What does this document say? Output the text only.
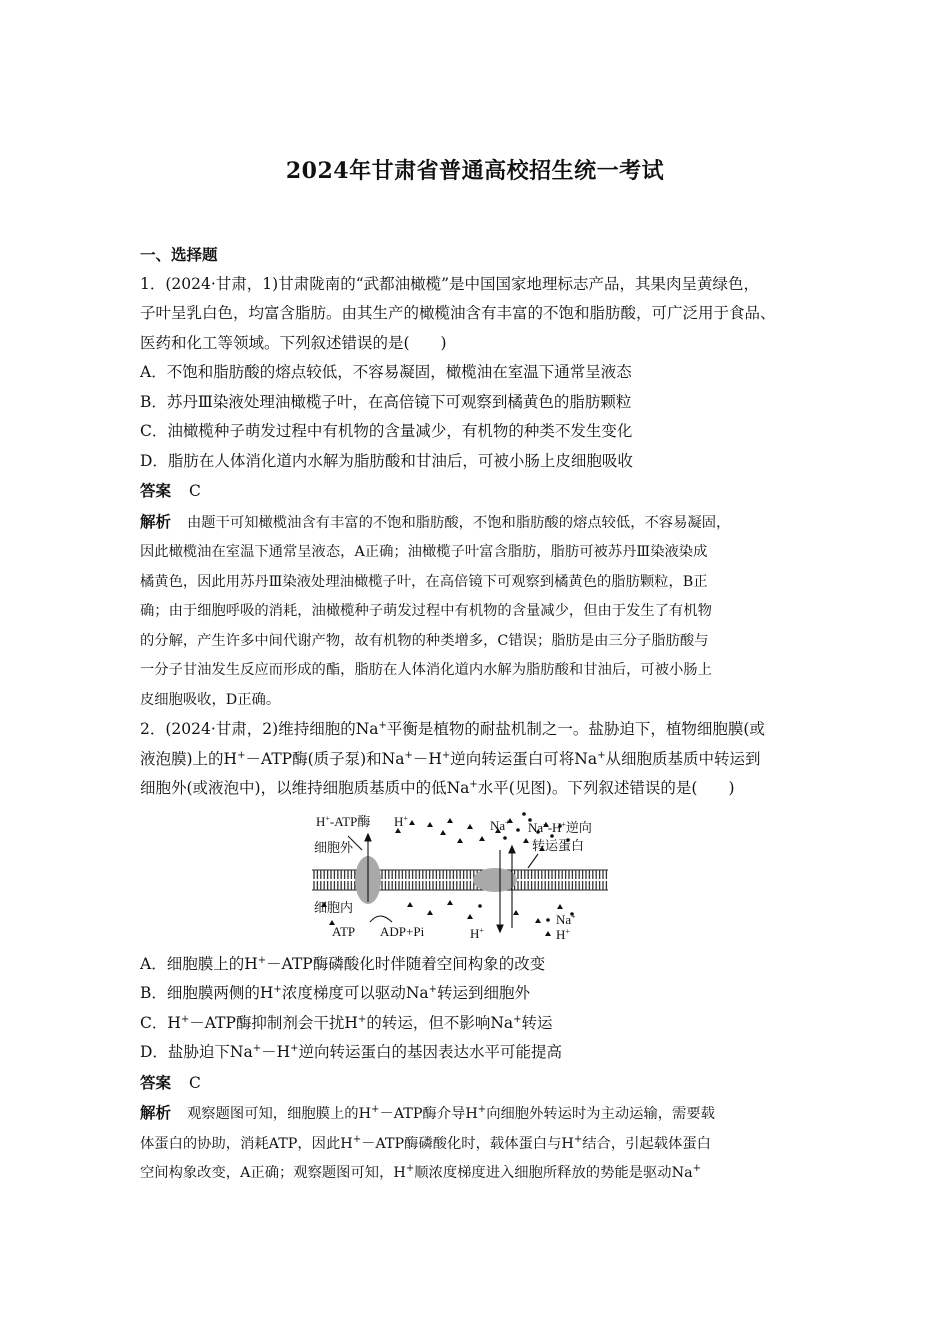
2024年甘肃省普通高校招生统一考试
一、选择题
1．(2024·甘肃，1)甘肃陇南的“武都油橄榄”是中国国家地理标志产品，其果肉呈黄绿色，
子叶呈乳白色，均富含脂肪。由其生产的橄榄油含有丰富的不饱和脂肪酸，可广泛用于食品、
医药和化工等领域。下列叙述错误的是(　　)
A．不饱和脂肪酸的熔点较低，不容易凝固，橄榄油在室温下通常呈液态
B．苏丹Ⅲ染液处理油橄榄子叶，在高倍镜下可观察到橘黄色的脂肪颗粒
C．油橄榄种子萌发过程中有机物的含量减少，有机物的种类不发生变化
D．脂肪在人体消化道内水解为脂肪酸和甘油后，可被小肠上皮细胞吸收
答案 C
解析 由题干可知橄榄油含有丰富的不饱和脂肪酸，不饱和脂肪酸的熔点较低，不容易凝固，
因此橄榄油在室温下通常呈液态，A正确；油橄榄子叶富含脂肪，脂肪可被苏丹Ⅲ染液染成
橘黄色，因此用苏丹Ⅲ染液处理油橄榄子叶，在高倍镜下可观察到橘黄色的脂肪颗粒，B正
确；由于细胞呼吸的消耗，油橄榄种子萌发过程中有机物的含量减少，但由于发生了有机物
的分解，产生许多中间代谢产物，故有机物的种类增多，C错误；脂肪是由三分子脂肪酸与
一分子甘油发生反应而形成的酯，脂肪在人体消化道内水解为脂肪酸和甘油后，可被小肠上
皮细胞吸收，D正确。
2．(2024·甘肃，2)维持细胞的Na+平衡是植物的耐盐机制之一。盐胁迫下，植物细胞膜(或
液泡膜)上的H+－ATP酶(质子泵)和Na+－H+逆向转运蛋白可将Na+从细胞质基质中转运到
细胞外(或液泡中)，以维持细胞质基质中的低Na+水平(见图)。下列叙述错误的是(　　)
H+-ATP酶 H+	Na+ Na+-H+逆向
转运蛋白
细胞外
细胞内
ATP ADP+Pi	H+
Na+
H+
A．细胞膜上的H+－ATP酶磷酸化时伴随着空间构象的改变
B．细胞膜两侧的H+浓度梯度可以驱动Na+转运到细胞外
C．H+－ATP酶抑制剂会干扰H+的转运，但不影响Na+转运
D．盐胁迫下Na+－H+逆向转运蛋白的基因表达水平可能提高
答案 C
解析 观察题图可知，细胞膜上的H+－ATP酶介导H+向细胞外转运时为主动运输，需要载
体蛋白的协助，消耗ATP，因此H+－ATP酶磷酸化时，载体蛋白与H+结合，引起载体蛋白
空间构象改变，A正确；观察题图可知，H+顺浓度梯度进入细胞所释放的势能是驱动Na+
